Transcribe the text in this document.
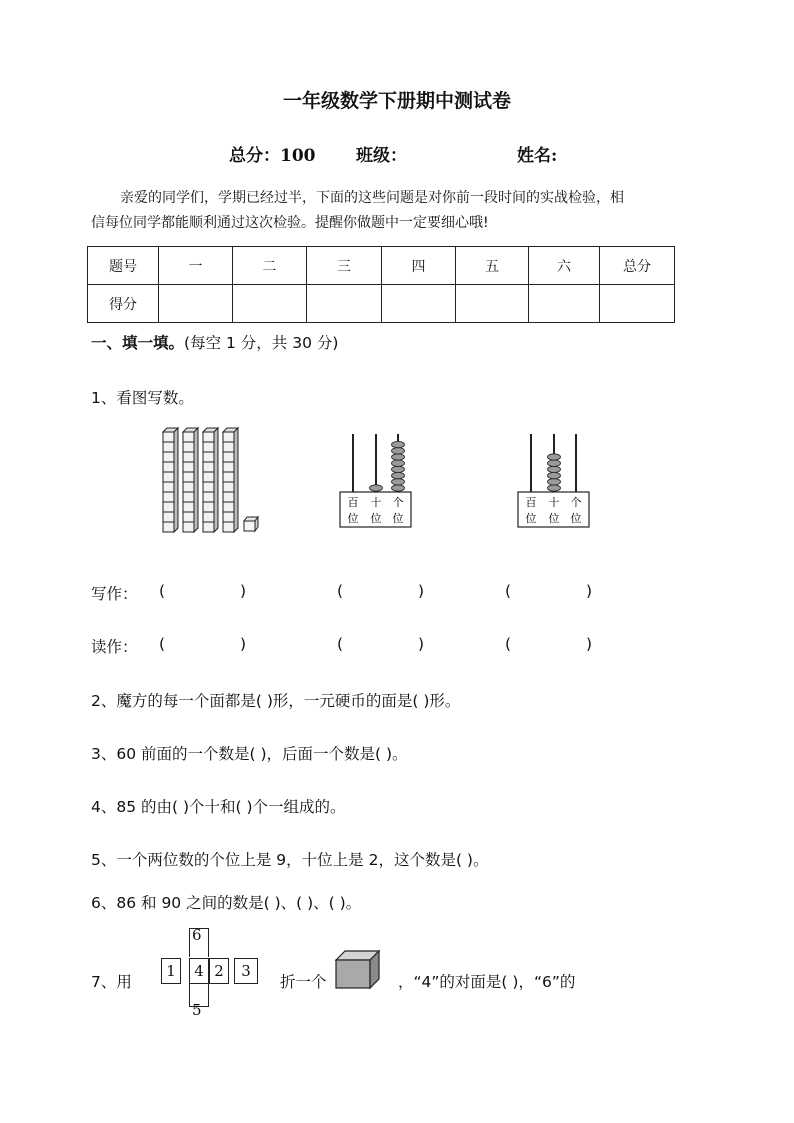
一年级数学下册期中测试卷
总分：100 班级：	姓名:
亲爱的同学们，学期已经过半，下面的这些问题是对你前一段时间的实战检验，相
信每位同学都能顺利通过这次检验。提醒你做题中一定要细心哦!
题号	一	二	三	四	五	六	总分
得分							
一、填一填。(每空 1 分，共 30 分)
1、看图写数。
百 十 个
位 位 位
百 十 个
位 位 位
写作： (	)	(	)	(	)
读作： (	)	(	)	(	)
2、魔方的每一个面都是( )形，一元硬币的面是( )形。
3、60 前面的一个数是( )，后面一个数是( )。
4、85 的由( )个十和( )个一组成的。
5、一个两位数的个位上是 9，十位上是 2，这个数是( )。
6、86 和 90 之间的数是( )、( )、( )。
7、用
1	4 2	3
6
5
折一个	，“4”的对面是( )，“6”的
